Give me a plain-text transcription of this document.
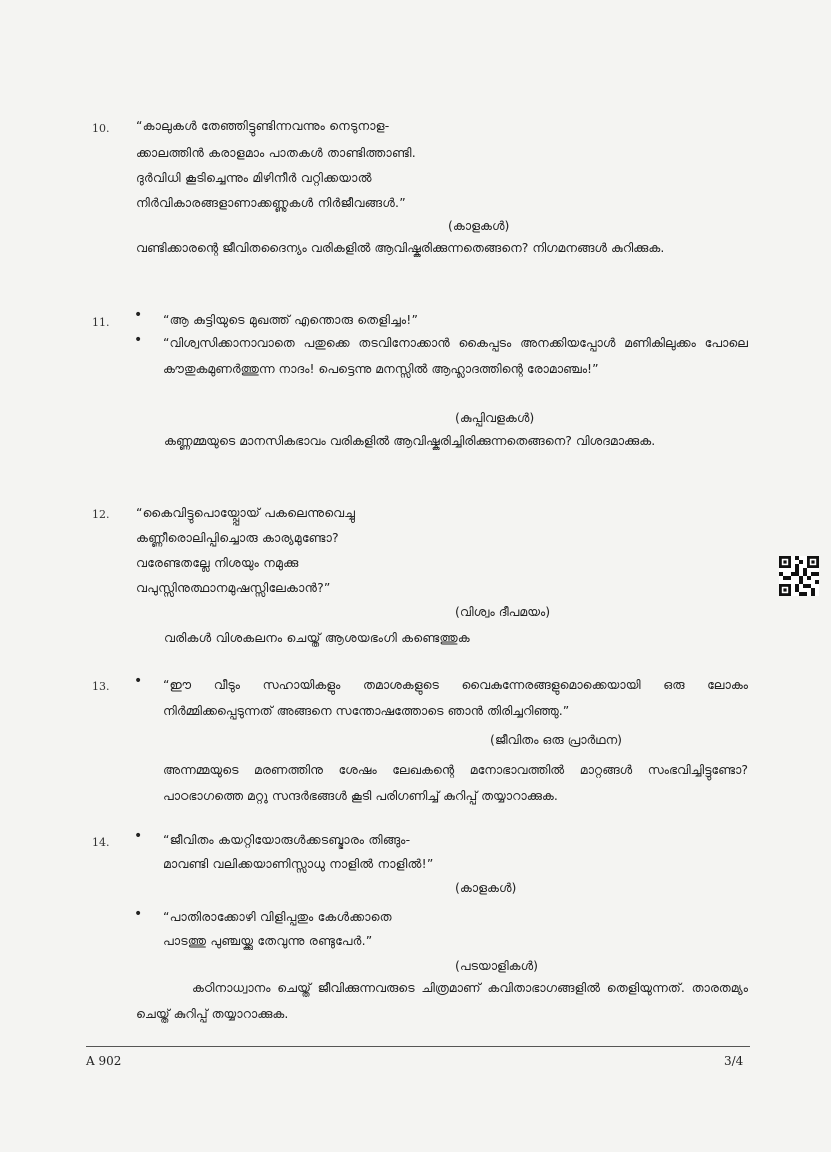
10. “കാലുകൾ തേഞ്ഞിട്ടുണ്ടിന്നവന്നും നെടുനാള-
ക്കാലത്തിൻ കരാളമാം പാതകൾ താണ്ടിത്താണ്ടി.
ദുർവിധി കൂടിച്ചെന്നും മിഴിനീർ വറ്റിക്കയാൽ
നിർവികാരങ്ങളാണാക്കണ്ണുകൾ നിർജീവങ്ങൾ.”
(കാളകൾ)
വണ്ടിക്കാരന്റെ ജീവിതദൈന്യം വരികളിൽ ആവിഷ്കരിക്കുന്നതെങ്ങനെ? നിഗമനങ്ങൾ കുറിക്കുക.
11. • “ആ കുട്ടിയുടെ മുഖത്ത് എന്തൊരു തെളിച്ചം!”
• “വിശ്വസിക്കാനാവാതെ പതുക്കെ തടവിനോക്കാൻ കൈപ്പടം അനക്കിയപ്പോൾ മണികിലുക്കം പോലെ കൗതുകമുണർത്തുന്ന നാദം! പെട്ടെന്നു മനസ്സിൽ ആഹ്ലാദത്തിന്റെ രോമാഞ്ചം!”
(കുപ്പിവളകൾ)
കണ്ണമ്മയുടെ മാനസികഭാവം വരികളിൽ ആവിഷ്കരിച്ചിരിക്കുന്നതെങ്ങനെ? വിശദമാക്കുക.
12. “കൈവിട്ടുപൊയ്പ്പോയ് പകലെന്നുവെച്ചു
കണ്ണീരൊലിപ്പിച്ചൊരു കാര്യമുണ്ടോ?
വരേണ്ടതല്ലേ നിശയും നമുക്കു
വപുസ്സിനുത്ഥാനമുഷസ്സിലേകാൻ?”
(വിശ്വം ദീപമയം)
വരികൾ വിശകലനം ചെയ്ത് ആശയഭംഗി കണ്ടെത്തുക
13. • “ഈ വീടും സഹായികളും തമാശകളുടെ വൈകുന്നേരങ്ങളുമൊക്കെയായി ഒരു ലോകം നിർമ്മിക്കപ്പെടുന്നത് അങ്ങനെ സന്തോഷത്തോടെ ഞാൻ തിരിച്ചറിഞ്ഞു.”
(ജീവിതം ഒരു പ്രാർഥന)
അന്നമ്മയുടെ മരണത്തിനു ശേഷം ലേഖകന്റെ മനോഭാവത്തിൽ മാറ്റങ്ങൾ സംഭവിച്ചിട്ടുണ്ടോ? പാഠഭാഗത്തെ മറ്റു സന്ദർഭങ്ങൾ കൂടി പരിഗണിച്ച് കുറിപ്പ് തയ്യാറാക്കുക.
14. • “ജീവിതം കയറ്റിയോരുൾക്കടബ്ഭാരം തിങ്ങും-
മാവണ്ടി വലിക്കയാണിസ്സാധു നാളിൽ നാളിൽ!”
(കാളകൾ)
• “പാതിരാക്കോഴി വിളിപ്പതും കേൾക്കാതെ
പാടത്തു പുഞ്ചയ്ക്കു തേവുന്നു രണ്ടുപേർ.”
(പടയാളികൾ)
കഠിനാധ്വാനം ചെയ്ത് ജീവിക്കുന്നവരുടെ ചിത്രമാണ് കവിതാഭാഗങ്ങളിൽ തെളിയുന്നത്. താരതമ്യം ചെയ്ത് കുറിപ്പ് തയ്യാറാക്കുക.
A 902	3/4
